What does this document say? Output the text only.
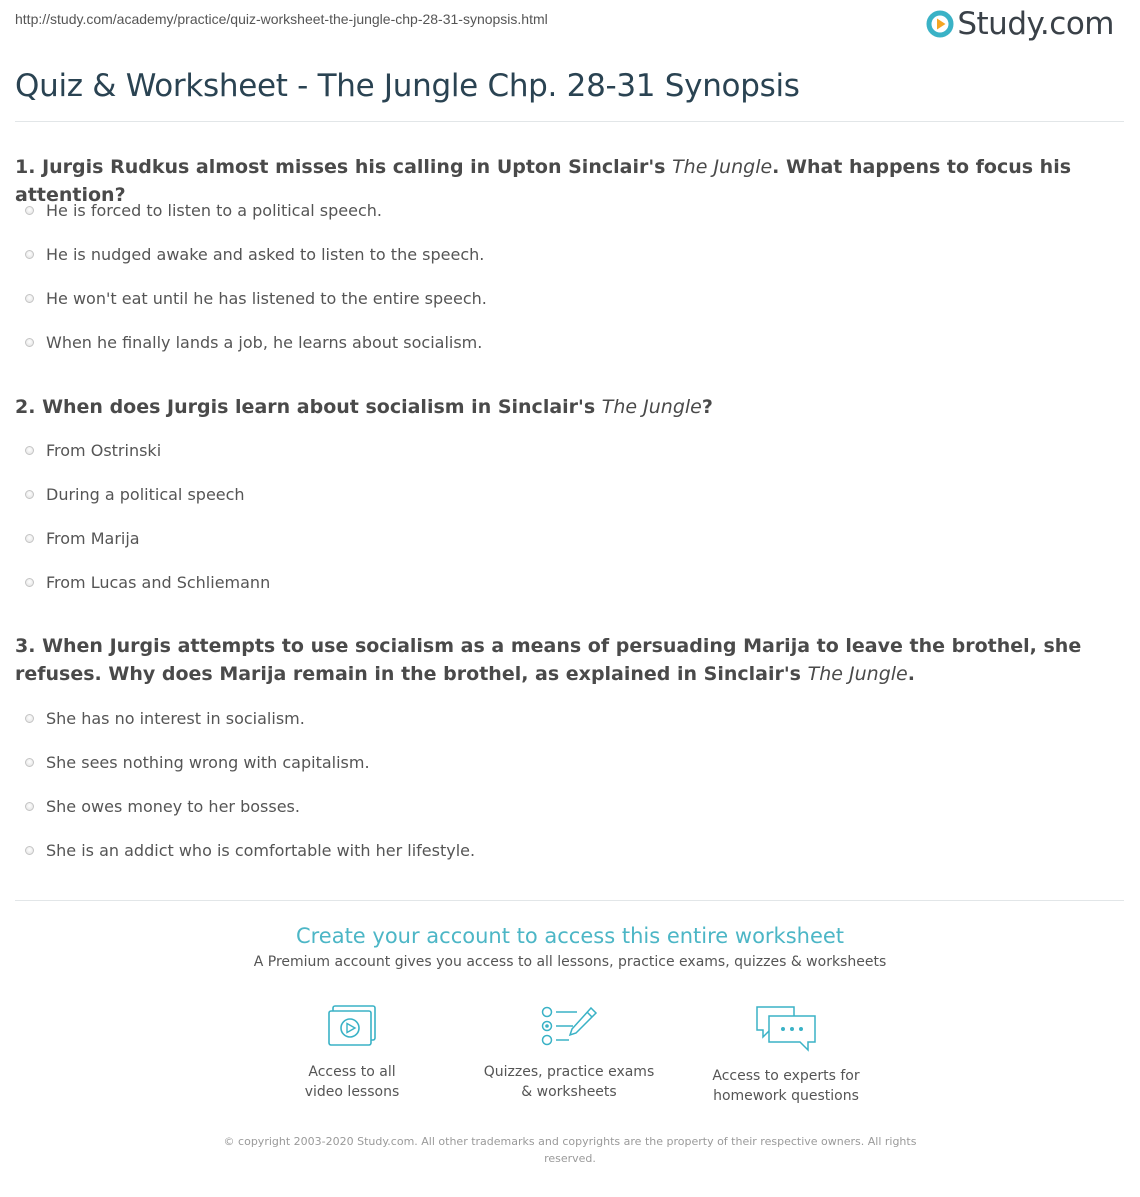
http://study.com/academy/practice/quiz-worksheet-the-jungle-chp-28-31-synopsis.html	Study.com
Quiz & Worksheet - The Jungle Chp. 28-31 Synopsis
1. Jurgis Rudkus almost misses his calling in Upton Sinclair's The Jungle. What happens to focus his attention?
He is forced to listen to a political speech.
He is nudged awake and asked to listen to the speech.
He won't eat until he has listened to the entire speech.
When he finally lands a job, he learns about socialism.
2. When does Jurgis learn about socialism in Sinclair's The Jungle?
From Ostrinski
During a political speech
From Marija
From Lucas and Schliemann
3. When Jurgis attempts to use socialism as a means of persuading Marija to leave the brothel, she refuses. Why does Marija remain in the brothel, as explained in Sinclair's The Jungle.
She has no interest in socialism.
She sees nothing wrong with capitalism.
She owes money to her bosses.
She is an addict who is comfortable with her lifestyle.
Create your account to access this entire worksheet
A Premium account gives you access to all lessons, practice exams, quizzes & worksheets
Access to all
video lessons
Quizzes, practice exams
& worksheets
Access to experts for
homework questions
© copyright 2003-2020 Study.com. All other trademarks and copyrights are the property of their respective owners. All rights reserved.
